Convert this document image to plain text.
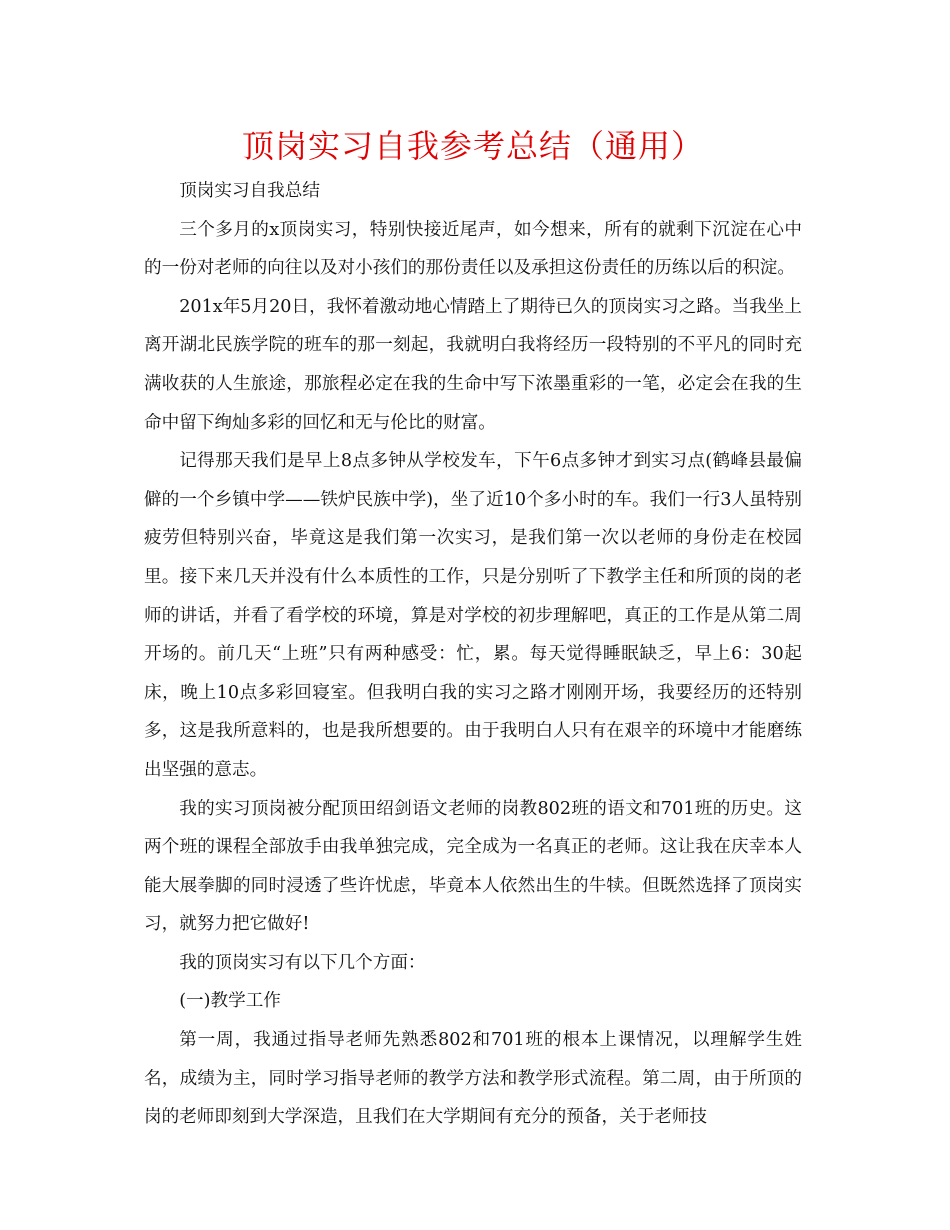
顶岗实习自我参考总结（通用）

顶岗实习自我总结

三个多月的x顶岗实习，特别快接近尾声，如今想来，所有的就剩下沉淀在心中的一份对老师的向往以及对小孩们的那份责任以及承担这份责任的历练以后的积淀。

201x年5月20日，我怀着激动地心情踏上了期待已久的顶岗实习之路。当我坐上离开湖北民族学院的班车的那一刻起，我就明白我将经历一段特别的不平凡的同时充满收获的人生旅途，那旅程必定在我的生命中写下浓墨重彩的一笔，必定会在我的生命中留下绚灿多彩的回忆和无与伦比的财富。

记得那天我们是早上8点多钟从学校发车，下午6点多钟才到实习点(鹤峰县最偏僻的一个乡镇中学——铁炉民族中学)，坐了近10个多小时的车。我们一行3人虽特别疲劳但特别兴奋，毕竟这是我们第一次实习，是我们第一次以老师的身份走在校园里。接下来几天并没有什么本质性的工作，只是分别听了下教学主任和所顶的岗的老师的讲话，并看了看学校的环境，算是对学校的初步理解吧，真正的工作是从第二周开场的。前几天“上班”只有两种感受：忙，累。每天觉得睡眠缺乏，早上6：30起床，晚上10点多彩回寝室。但我明白我的实习之路才刚刚开场，我要经历的还特别多，这是我所意料的，也是我所想要的。由于我明白人只有在艰辛的环境中才能磨练出坚强的意志。

我的实习顶岗被分配顶田绍剑语文老师的岗教802班的语文和701班的历史。这两个班的课程全部放手由我单独完成，完全成为一名真正的老师。这让我在庆幸本人能大展拳脚的同时浸透了些许忧虑，毕竟本人依然出生的牛犊。但既然选择了顶岗实习，就努力把它做好!

我的顶岗实习有以下几个方面：

(一)教学工作

第一周，我通过指导老师先熟悉802和701班的根本上课情况，以理解学生姓名，成绩为主，同时学习指导老师的教学方法和教学形式流程。第二周，由于所顶的岗的老师即刻到大学深造，且我们在大学期间有充分的预备，关于老师技
